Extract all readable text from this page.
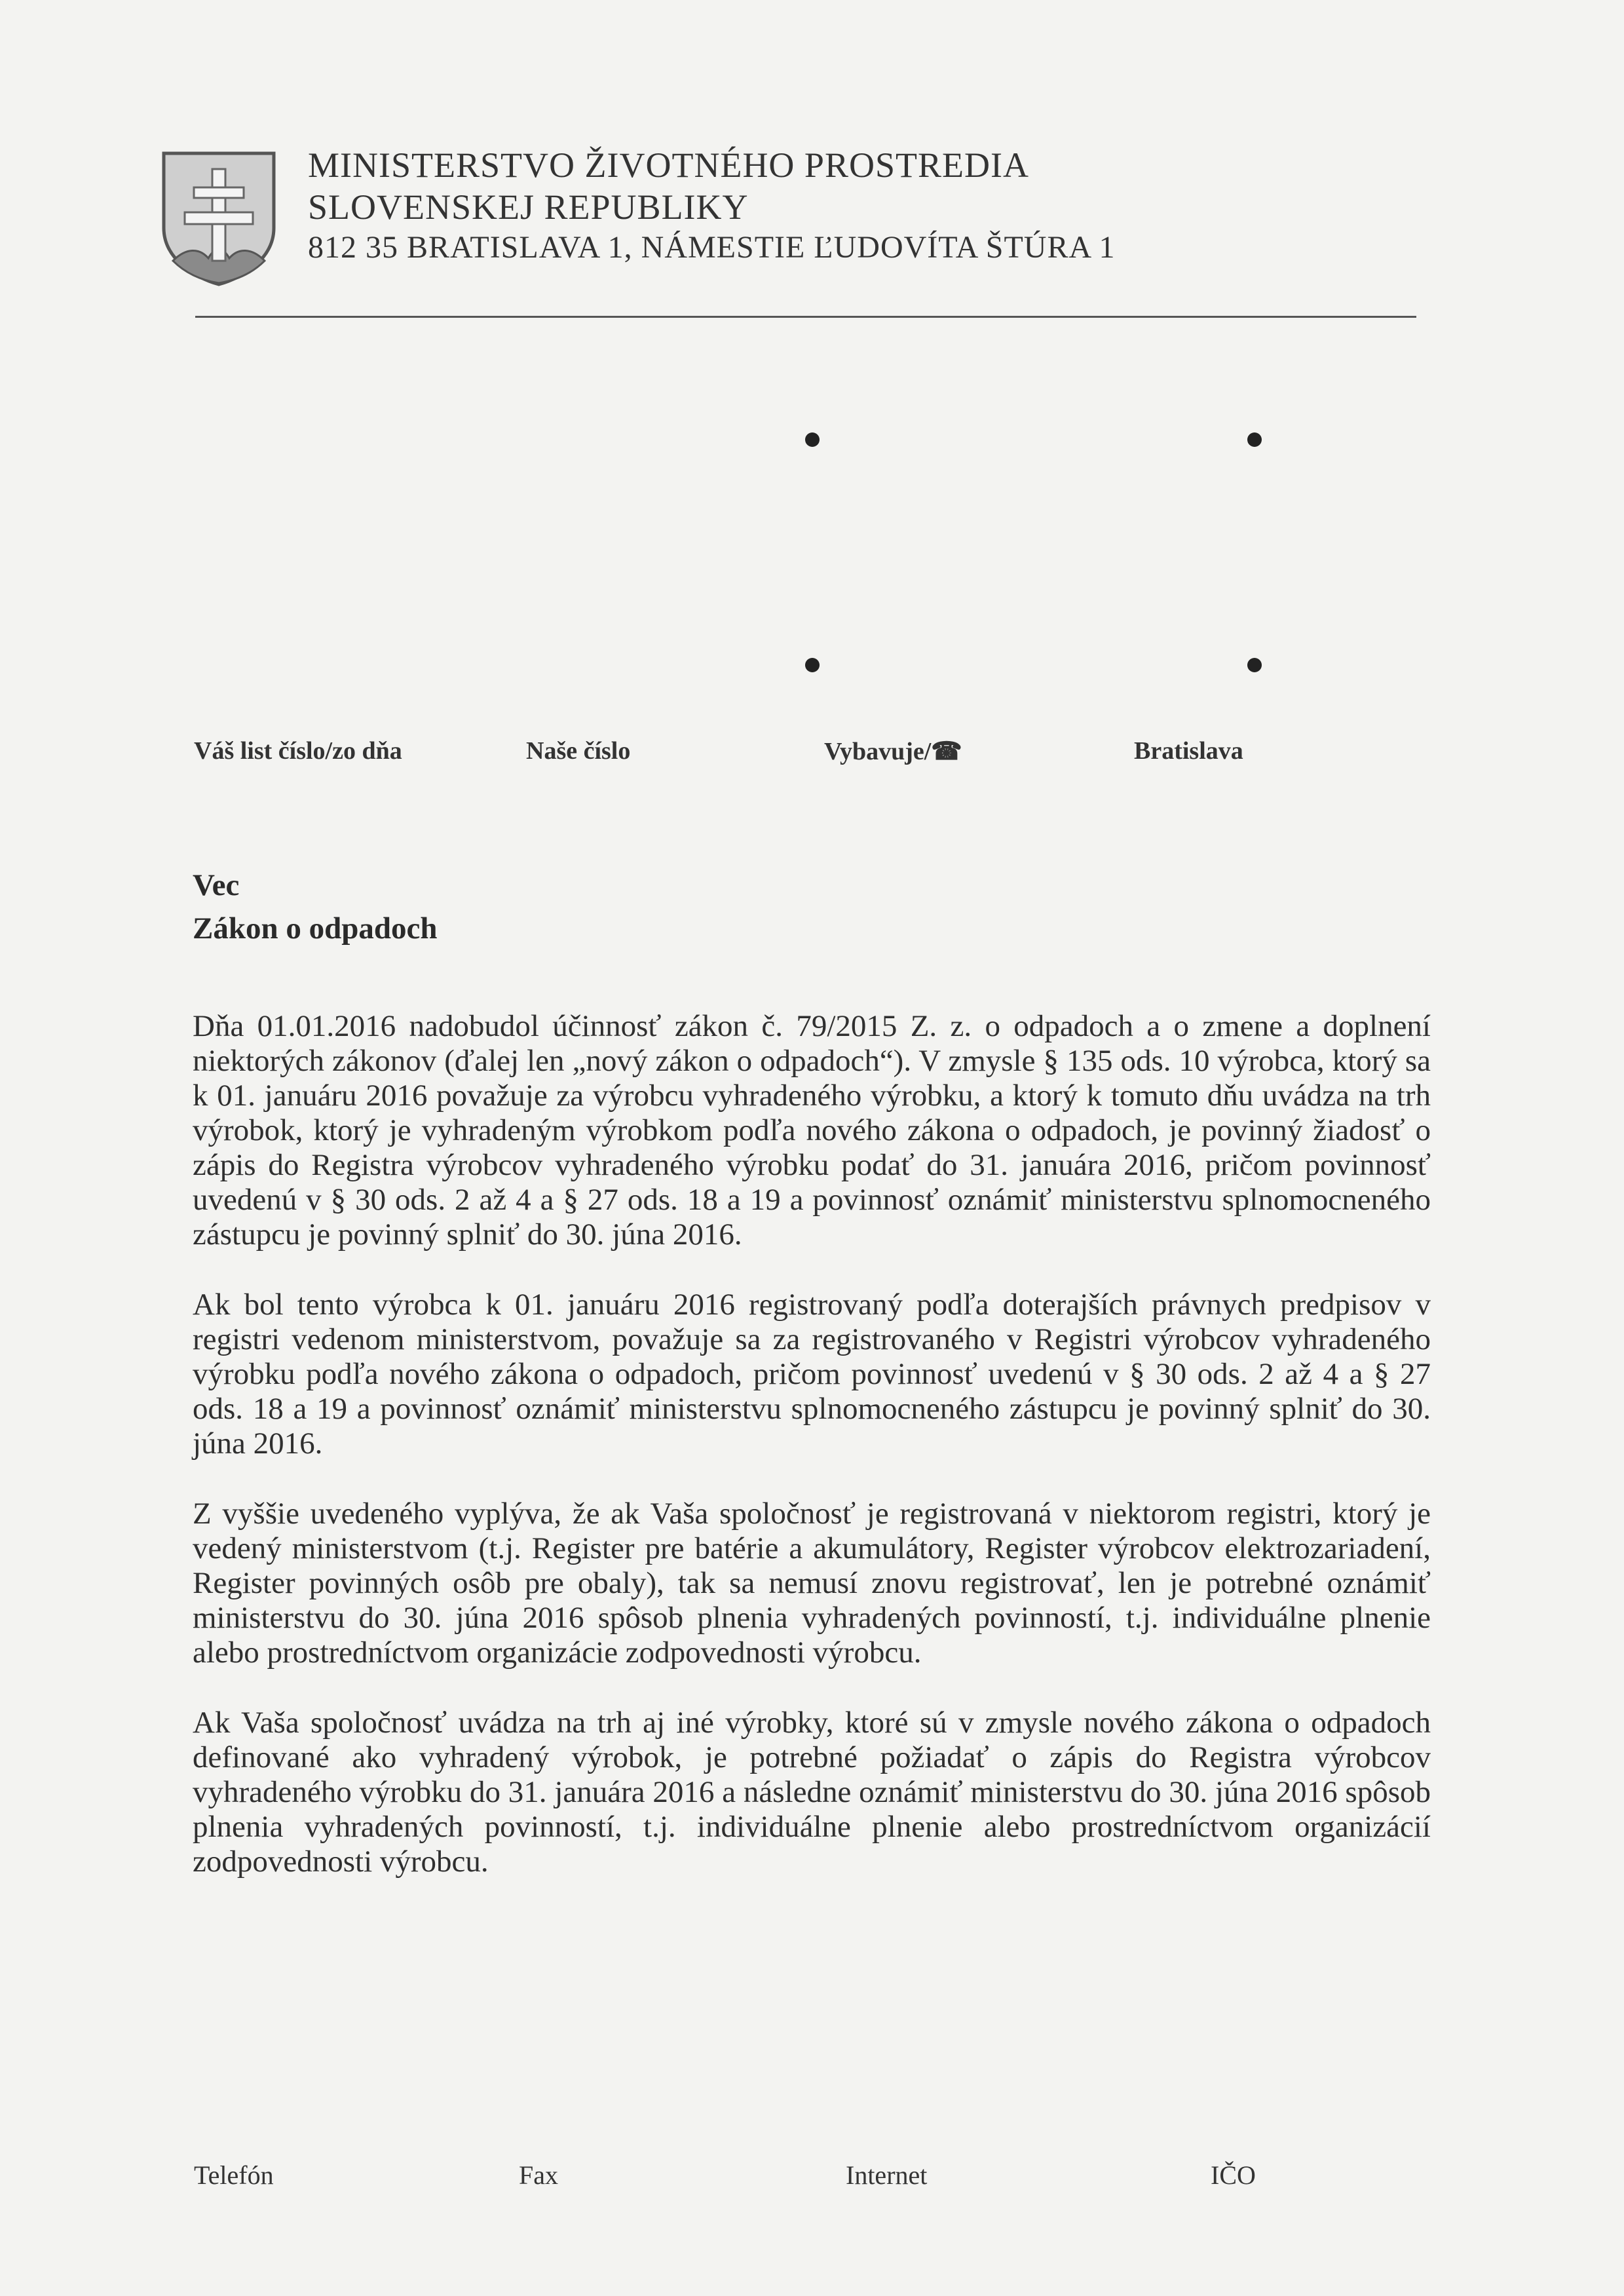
MINISTERSTVO ŽIVOTNÉHO PROSTREDIA
SLOVENSKEJ REPUBLIKY
812 35 BRATISLAVA 1, NÁMESTIE ĽUDOVÍTA ŠTÚRA 1
Váš list číslo/zo dňa	Naše číslo	Vybavuje/☎	Bratislava
Vec
Zákon o odpadoch

Dňa 01.01.2016 nadobudol účinnosť zákon č. 79/2015 Z. z. o odpadoch a o zmene a doplnení niektorých zákonov (ďalej len „nový zákon o odpadoch“). V zmysle § 135 ods. 10 výrobca, ktorý sa k 01. januáru 2016 považuje za výrobcu vyhradeného výrobku, a ktorý k tomuto dňu uvádza na trh výrobok, ktorý je vyhradeným výrobkom podľa nového zákona o odpadoch, je povinný žiadosť o zápis do Registra výrobcov vyhradeného výrobku podať do 31. januára 2016, pričom povinnosť uvedenú v § 30 ods. 2 až 4 a § 27 ods. 18 a 19 a povinnosť oznámiť ministerstvu splnomocneného zástupcu je povinný splniť do 30. júna 2016.

Ak bol tento výrobca k 01. januáru 2016 registrovaný podľa doterajších právnych predpisov v registri vedenom ministerstvom, považuje sa za registrovaného v Registri výrobcov vyhradeného výrobku podľa nového zákona o odpadoch, pričom povinnosť uvedenú v § 30 ods. 2 až 4 a § 27 ods. 18 a 19 a povinnosť oznámiť ministerstvu splnomocneného zástupcu je povinný splniť do 30. júna 2016.

Z vyššie uvedeného vyplýva, že ak Vaša spoločnosť je registrovaná v niektorom registri, ktorý je vedený ministerstvom (t.j. Register pre batérie a akumulátory, Register výrobcov elektrozariadení, Register povinných osôb pre obaly), tak sa nemusí znovu registrovať, len je potrebné oznámiť ministerstvu do 30. júna 2016 spôsob plnenia vyhradených povinností, t.j. individuálne plnenie alebo prostredníctvom organizácie zodpovednosti výrobcu.

Ak Vaša spoločnosť uvádza na trh aj iné výrobky, ktoré sú v zmysle nového zákona o odpadoch definované ako vyhradený výrobok, je potrebné požiadať o zápis do Registra výrobcov vyhradeného výrobku do 31. januára 2016 a následne oznámiť ministerstvu do 30. júna 2016 spôsob plnenia vyhradených povinností, t.j. individuálne plnenie alebo prostredníctvom organizácií zodpovednosti výrobcu.

Telefón	Fax	Internet	IČO
